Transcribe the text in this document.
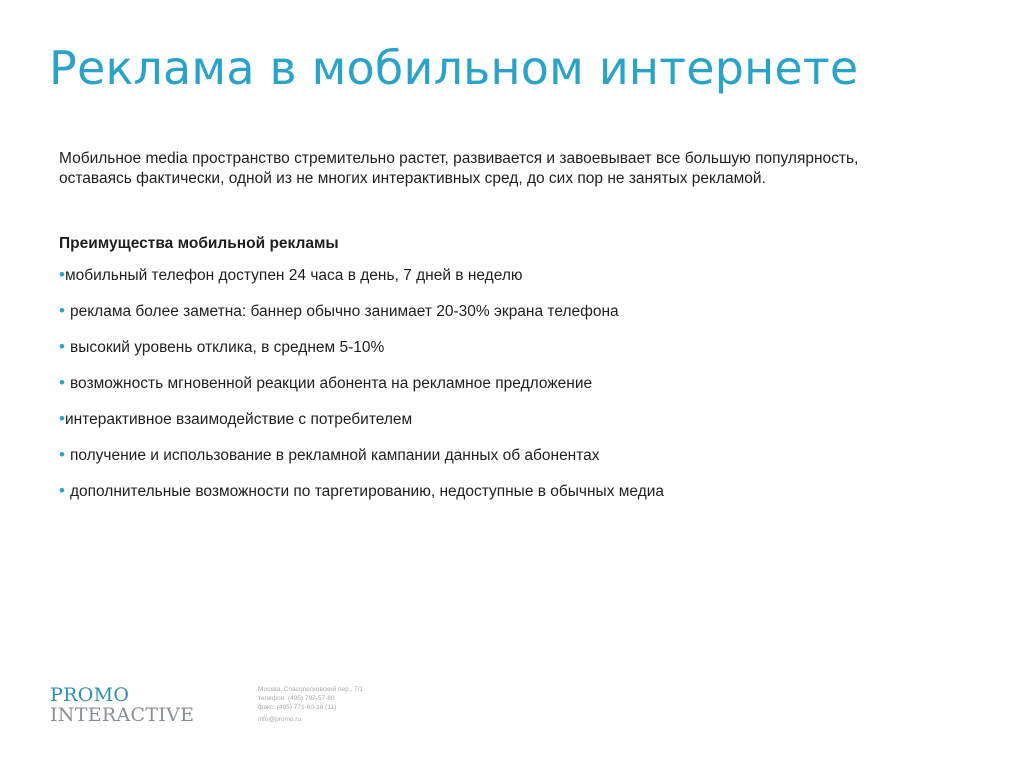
Реклама в мобильном интернете

Мобильное media пространство стремительно растет, развивается и завоевывает все большую популярность, оставаясь фактически, одной из не многих интерактивных сред, до сих пор не занятых рекламой.

Преимущества мобильной рекламы
•мобильный телефон доступен 24 часа в день, 7 дней в неделю
• реклама более заметна: баннер обычно занимает 20-30% экрана телефона
• высокий уровень отклика, в среднем 5-10%
• возможность мгновенной реакции абонента на рекламное предложение
•интерактивное взаимодействие с потребителем
• получение и использование в рекламной кампании данных об абонентах
• дополнительные возможности по таргетированию, недоступные в обычных медиа
PROMO
INTERACTIVE
Москва, Спасопесковский пер., 7/1
телефон: (495) 797-57-80
факс: (495) 771-60-18 (11)
info@promo.ru
